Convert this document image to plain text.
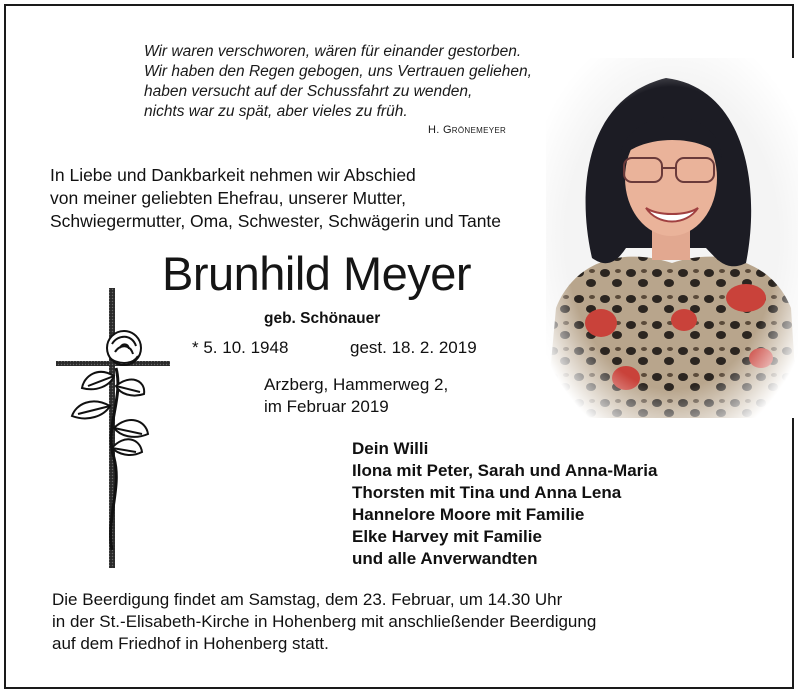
Wir waren verschworen, wären für einander gestorben.
Wir haben den Regen gebogen, uns Vertrauen geliehen,
haben versucht auf der Schussfahrt zu wenden,
nichts war zu spät, aber vieles zu früh.
H. Grönemeyer
In Liebe und Dankbarkeit nehmen wir Abschied
von meiner geliebten Ehefrau, unserer Mutter,
Schwiegermutter, Oma, Schwester, Schwägerin und Tante
Brunhild Meyer
geb. Schönauer
* 5. 10. 1948	gest. 18. 2. 2019
Arzberg, Hammerweg 2,
im Februar 2019
Dein Willi
Ilona mit Peter, Sarah und Anna-Maria
Thorsten mit Tina und Anna Lena
Hannelore Moore mit Familie
Elke Harvey mit Familie
und alle Anverwandten
Die Beerdigung findet am Samstag, dem 23. Februar, um 14.30 Uhr
in der St.-Elisabeth-Kirche in Hohenberg mit anschließender Beerdigung
auf dem Friedhof in Hohenberg statt.
